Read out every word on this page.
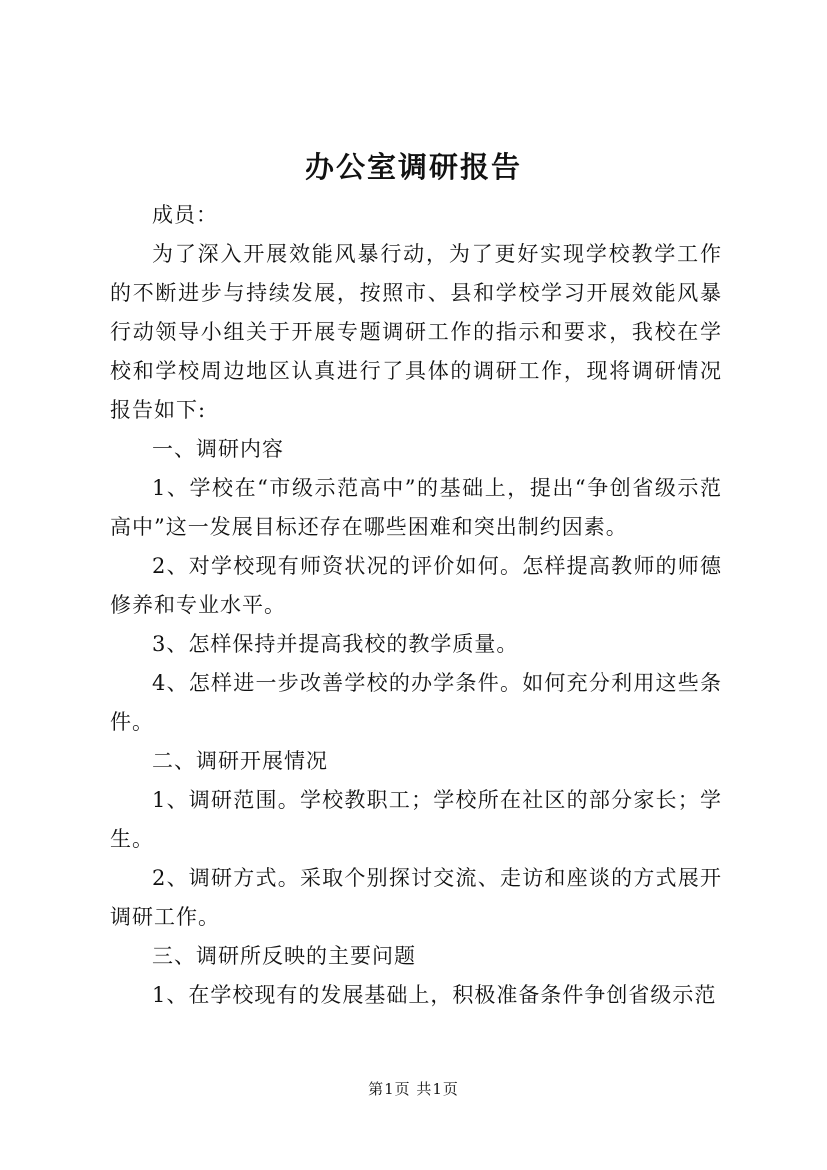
办公室调研报告

成员：

为了深入开展效能风暴行动，为了更好实现学校教学工作的不断进步与持续发展，按照市、县和学校学习开展效能风暴行动领导小组关于开展专题调研工作的指示和要求，我校在学校和学校周边地区认真进行了具体的调研工作，现将调研情况报告如下:

一、调研内容

1、学校在“市级示范高中”的基础上，提出“争创省级示范高中”这一发展目标还存在哪些困难和突出制约因素。

2、对学校现有师资状况的评价如何。怎样提高教师的师德修养和专业水平。

3、怎样保持并提高我校的教学质量。

4、怎样进一步改善学校的办学条件。如何充分利用这些条件。

二、调研开展情况

1、调研范围。学校教职工；学校所在社区的部分家长；学生。

2、调研方式。采取个别探讨交流、走访和座谈的方式展开调研工作。

三、调研所反映的主要问题

1、在学校现有的发展基础上，积极准备条件争创省级示范

第1页 共1页
